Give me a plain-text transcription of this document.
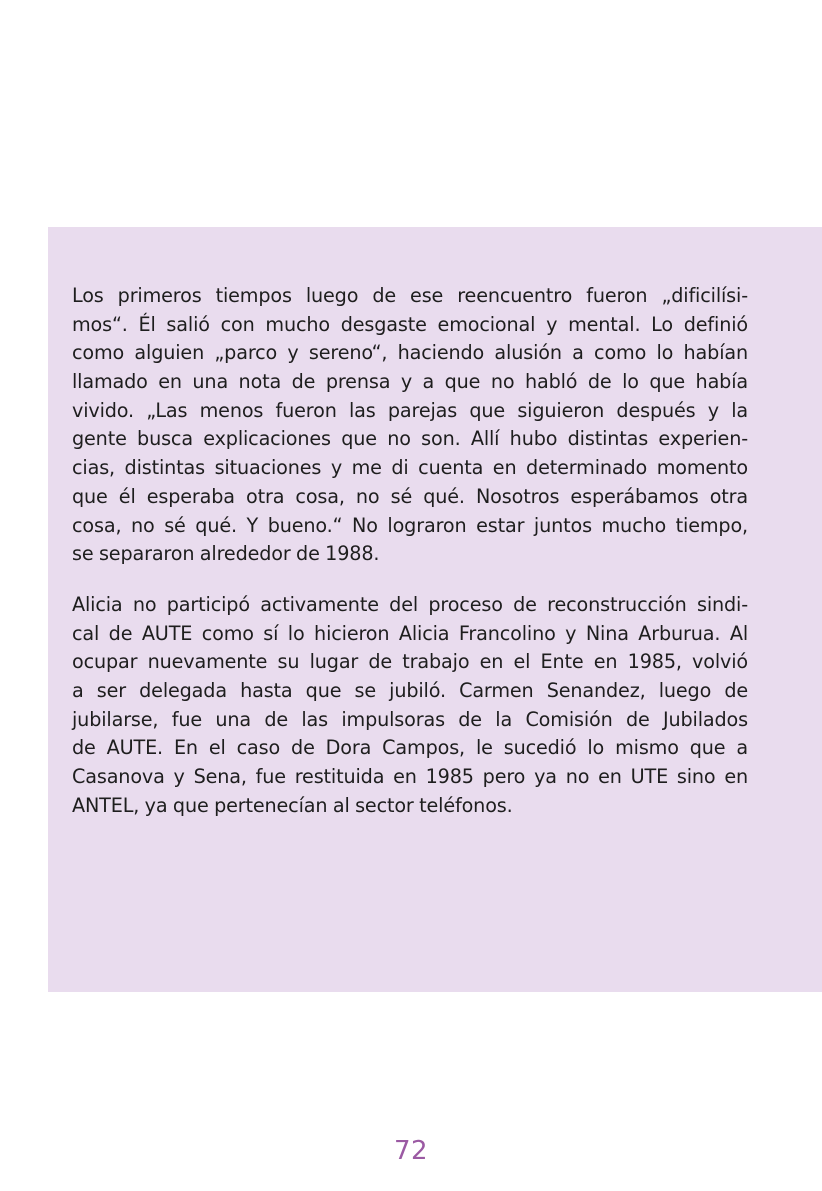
Los primeros tiempos luego de ese reencuentro fueron „dificilísi-
mos“. Él salió con mucho desgaste emocional y mental. Lo definió
como alguien „parco y sereno“, haciendo alusión a como lo habían
llamado en una nota de prensa y a que no habló de lo que había
vivido. „Las menos fueron las parejas que siguieron después y la
gente busca explicaciones que no son. Allí hubo distintas experien-
cias, distintas situaciones y me di cuenta en determinado momento
que él esperaba otra cosa, no sé qué. Nosotros esperábamos otra
cosa, no sé qué. Y bueno.“ No lograron estar juntos mucho tiempo,
se separaron alrededor de 1988.
Alicia no participó activamente del proceso de reconstrucción sindi-
cal de AUTE como sí lo hicieron Alicia Francolino y Nina Arburua. Al
ocupar nuevamente su lugar de trabajo en el Ente en 1985, volvió
a ser delegada hasta que se jubiló. Carmen Senandez, luego de
jubilarse, fue una de las impulsoras de la Comisión de Jubilados
de AUTE. En el caso de Dora Campos, le sucedió lo mismo que a
Casanova y Sena, fue restituida en 1985 pero ya no en UTE sino en
ANTEL, ya que pertenecían al sector teléfonos.
72
